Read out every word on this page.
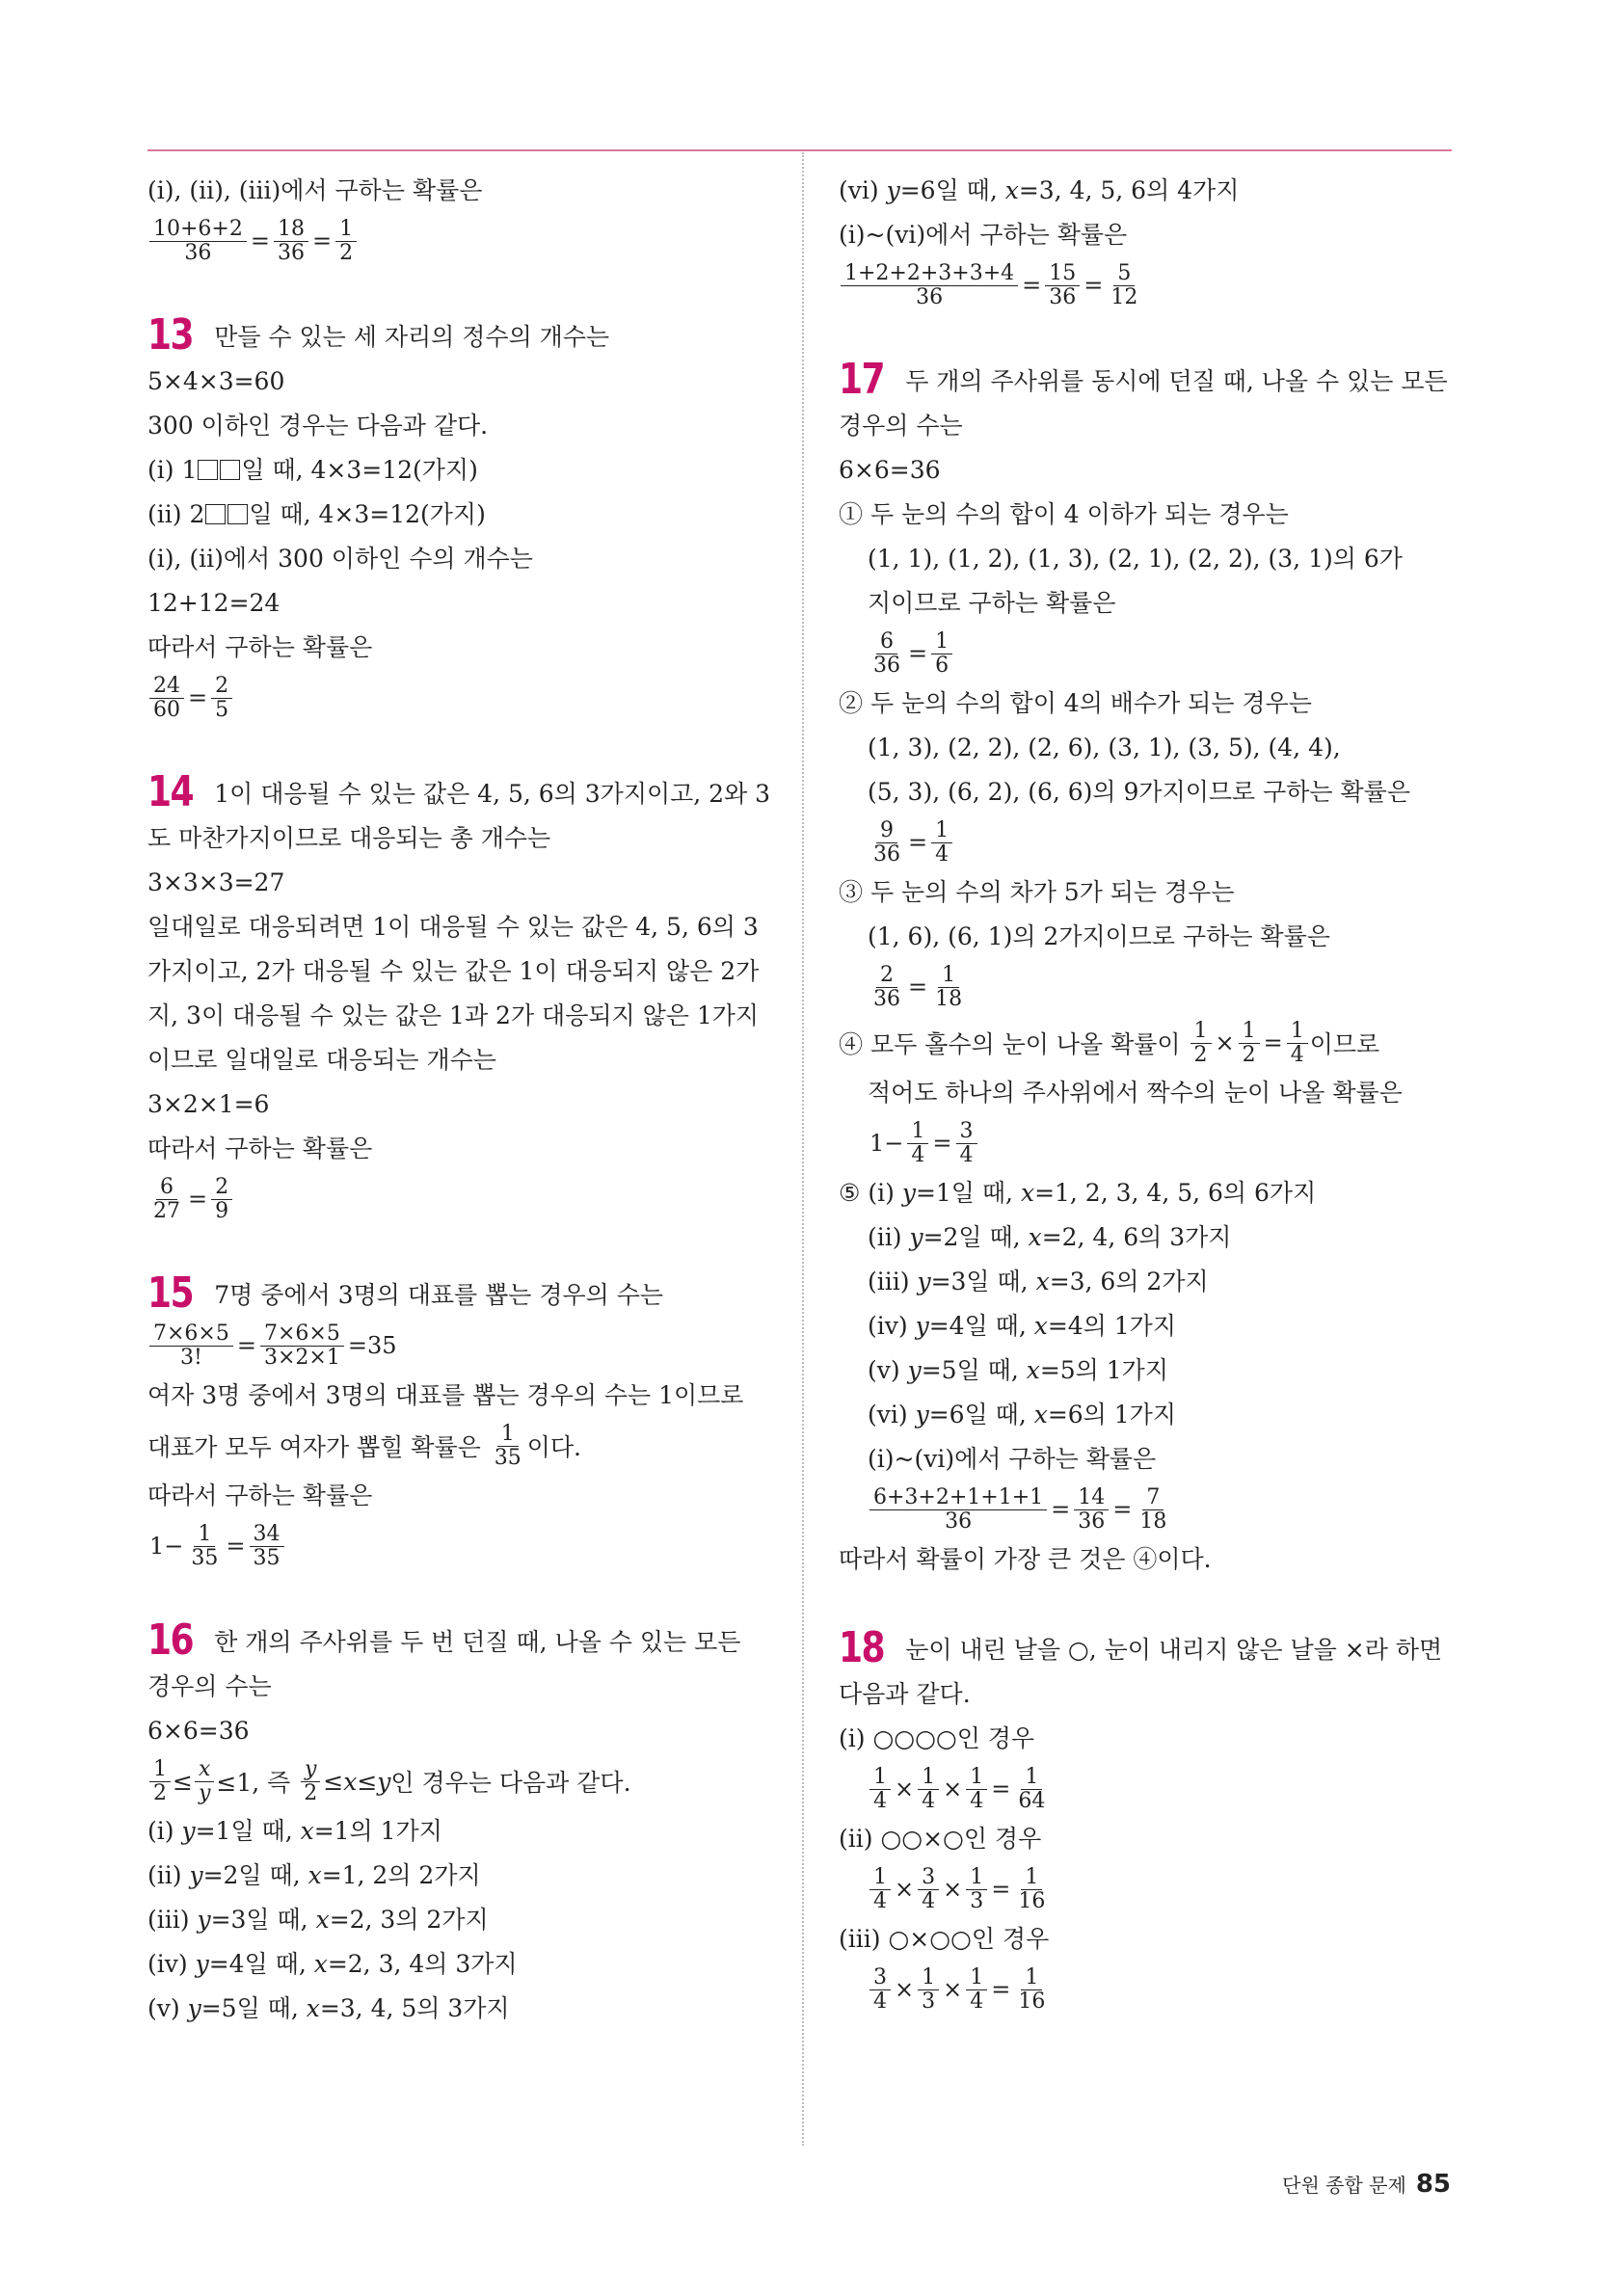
(ⅰ), (ⅱ), (ⅲ)에서 구하는 확률은
$\frac{10+6+2}{36} = \frac{18}{36} = \frac{1}{2}$
13 만들 수 있는 세 자리의 정수의 개수는
5×4×3=60
300 이하인 경우는 다음과 같다.
(ⅰ) 1 일 때, 4×3=12(가지)
(ⅱ) 2 일 때, 4×3=12(가지)
(ⅰ), (ⅱ)에서 300 이하인 수의 개수는
12+12=24
따라서 구하는 확률은
$\frac{24}{60} = \frac{2}{5}$
14 1이 대응될 수 있는 값은 4, 5, 6의 3가지이고, 2와 3
도 마찬가지이므로 대응되는 총 개수는
3×3×3=27
일대일로 대응되려면 1이 대응될 수 있는 값은 4, 5, 6의 3
가지이고, 2가 대응될 수 있는 값은 1이 대응되지 않은 2가
지, 3이 대응될 수 있는 값은 1과 2가 대응되지 않은 1가지
이므로 일대일로 대응되는 개수는
3×2×1=6
따라서 구하는 확률은
$\frac{6}{27} = \frac{2}{9}$
15 7명 중에서 3명의 대표를 뽑는 경우의 수는
$\frac{7\times 6\times 5}{3!} = \frac{7\times 6\times 5}{3\times 2\times 1} =35$
여자 3명 중에서 3명의 대표를 뽑는 경우의 수는 1이므로
대표가 모두 여자가 뽑힐 확률은
$\frac{1}{35}$ 이다.
따라서 구하는 확률은
$1- \frac{1}{35} = \frac{34}{35}$
16 한 개의 주사위를 두 번 던질 때, 나올 수 있는 모든
경우의 수는
6×6=36
$\frac{1}{2} \le \frac{x}{y} \le 1$, 즉
$\frac{y}{2} \le x \le y$ 인 경우는 다음과 같다.
(ⅰ) y=1일 때, x=1의 1가지
(ⅱ) y=2일 때, x=1, 2의 2가지
(ⅲ) y=3일 때, x=2, 3의 2가지
(ⅳ) y=4일 때, x=2, 3, 4의 3가지
(ⅴ) y=5일 때, x=3, 4, 5의 3가지
(ⅵ) y=6일 때, x=3, 4, 5, 6의 4가지
(ⅰ)~(ⅵ)에서 구하는 확률은
$\frac{1+2+2+3+3+4}{36} = \frac{15}{36} = \frac{5}{12}$
17 두 개의 주사위를 동시에 던질 때, 나올 수 있는 모든
경우의 수는
6×6=36
① 두 눈의 수의 합이 4 이하가 되는 경우는
(1, 1), (1, 2), (1, 3), (2, 1), (2, 2), (3, 1)의 6가
지이므로 구하는 확률은
$\frac{6}{36} = \frac{1}{6}$
② 두 눈의 수의 합이 4의 배수가 되는 경우는
(1, 3), (2, 2), (2, 6), (3, 1), (3, 5), (4, 4),
(5, 3), (6, 2), (6, 6)의 9가지이므로 구하는 확률은
$\frac{9}{36} = \frac{1}{4}$
③ 두 눈의 수의 차가 5가 되는 경우는
(1, 6), (6, 1)의 2가지이므로 구하는 확률은
$\frac{2}{36} = \frac{1}{18}$
④ 모두 홀수의 눈이 나올 확률이
$\frac{1}{2} \times \frac{1}{2} = \frac{1}{4}$ 이므로
적어도 하나의 주사위에서 짝수의 눈이 나올 확률은
$1- \frac{1}{4} = \frac{3}{4}$
⑤ (ⅰ) y=1일 때, x=1, 2, 3, 4, 5, 6의 6가지
(ⅱ) y=2일 때, x=2, 4, 6의 3가지
(ⅲ) y=3일 때, x=3, 6의 2가지
(ⅳ) y=4일 때, x=4의 1가지
(ⅴ) y=5일 때, x=5의 1가지
(ⅵ) y=6일 때, x=6의 1가지
(ⅰ)~(ⅵ)에서 구하는 확률은
$\frac{6+3+2+1+1+1}{36} = \frac{14}{36} = \frac{7}{18}$
따라서 확률이 가장 큰 것은 ④이다.
18 눈이 내린 날을 ○, 눈이 내리지 않은 날을 ×라 하면
다음과 같다.
(ⅰ) ○○○○인 경우
$\frac{1}{4} \times \frac{1}{4} \times \frac{1}{4} = \frac{1}{64}$
(ⅱ) ○○×○인 경우
$\frac{1}{4} \times \frac{3}{4} \times \frac{1}{3} = \frac{1}{16}$
(ⅲ) ○×○○인 경우
$\frac{3}{4} \times \frac{1}{3} \times \frac{1}{4} = \frac{1}{16}$
단원 종합 문제 85
